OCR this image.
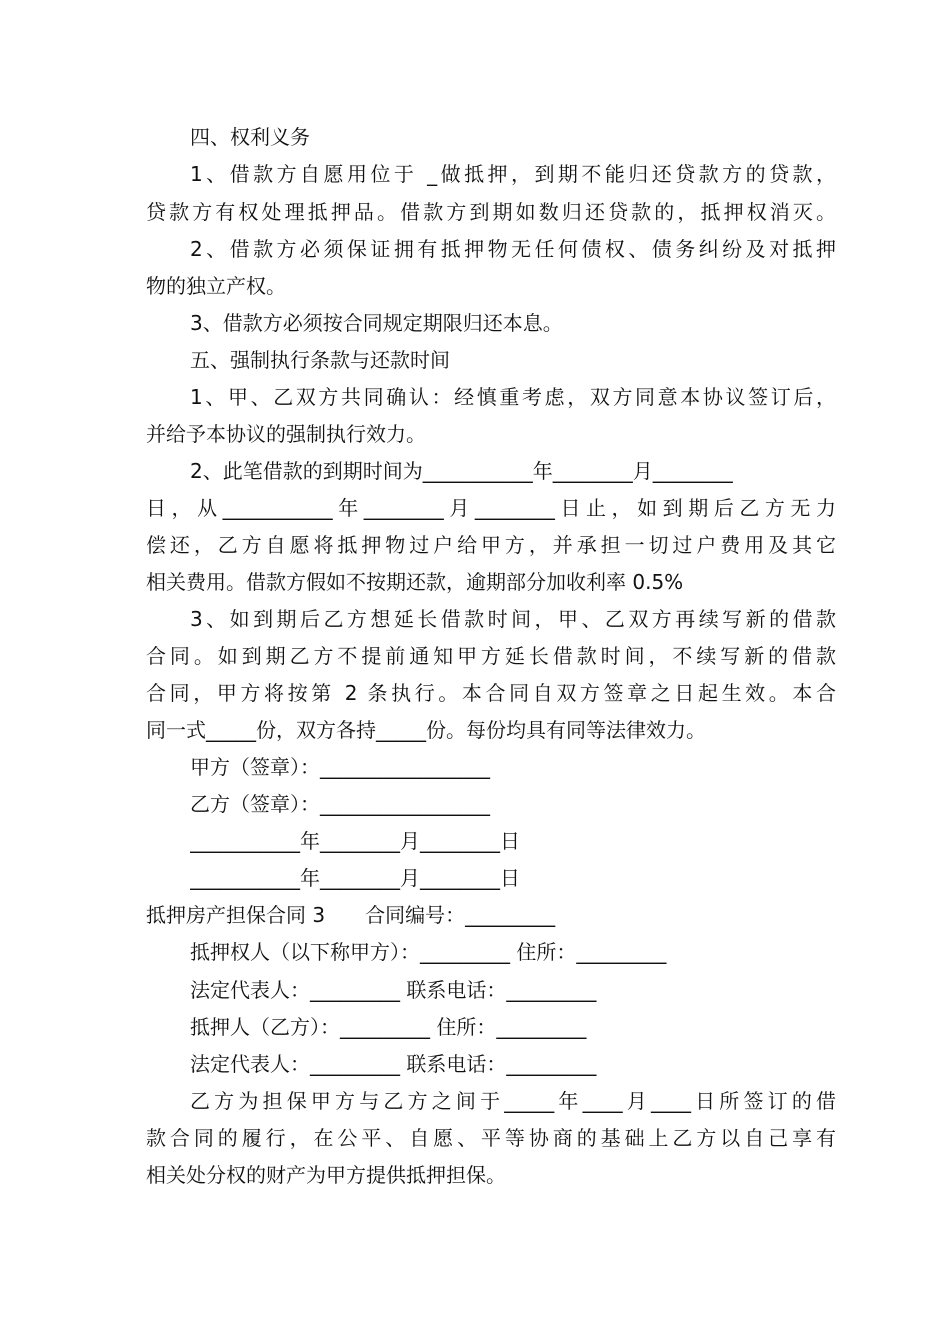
四、权利义务
1、借款方自愿用位于 _做抵押，到期不能归还贷款方的贷款，
贷款方有权处理抵押品。借款方到期如数归还贷款的，抵押权消灭。
2、借款方必须保证拥有抵押物无任何债权、债务纠纷及对抵押
物的独立产权。
3、借款方必须按合同规定期限归还本息。
五、强制执行条款与还款时间
1、甲、乙双方共同确认：经慎重考虑，双方同意本协议签订后，
并给予本协议的强制执行效力。
2、此笔借款的到期时间为___________年________月________
日，从___________年________月________日止，如到期后乙方无力
偿还，乙方自愿将抵押物过户给甲方，并承担一切过户费用及其它
相关费用。借款方假如不按期还款，逾期部分加收利率 0.5%
3、如到期后乙方想延长借款时间，甲、乙双方再续写新的借款
合同。如到期乙方不提前通知甲方延长借款时间，不续写新的借款
合同，甲方将按第 2 条执行。本合同自双方签章之日起生效。本合
同一式_____份，双方各持_____份。每份均具有同等法律效力。
甲方（签章）：_________________
乙方（签章）：_________________
___________年________月________日
___________年________月________日
抵押房产担保合同 3　　合同编号：_________
抵押权人（以下称甲方）：_________ 住所：_________
法定代表人：_________ 联系电话：_________
抵押人（乙方）：_________ 住所：_________
法定代表人：_________ 联系电话：_________
乙方为担保甲方与乙方之间于_____年____月____日所签订的借
款合同的履行，在公平、自愿、平等协商的基础上乙方以自己享有
相关处分权的财产为甲方提供抵押担保。
